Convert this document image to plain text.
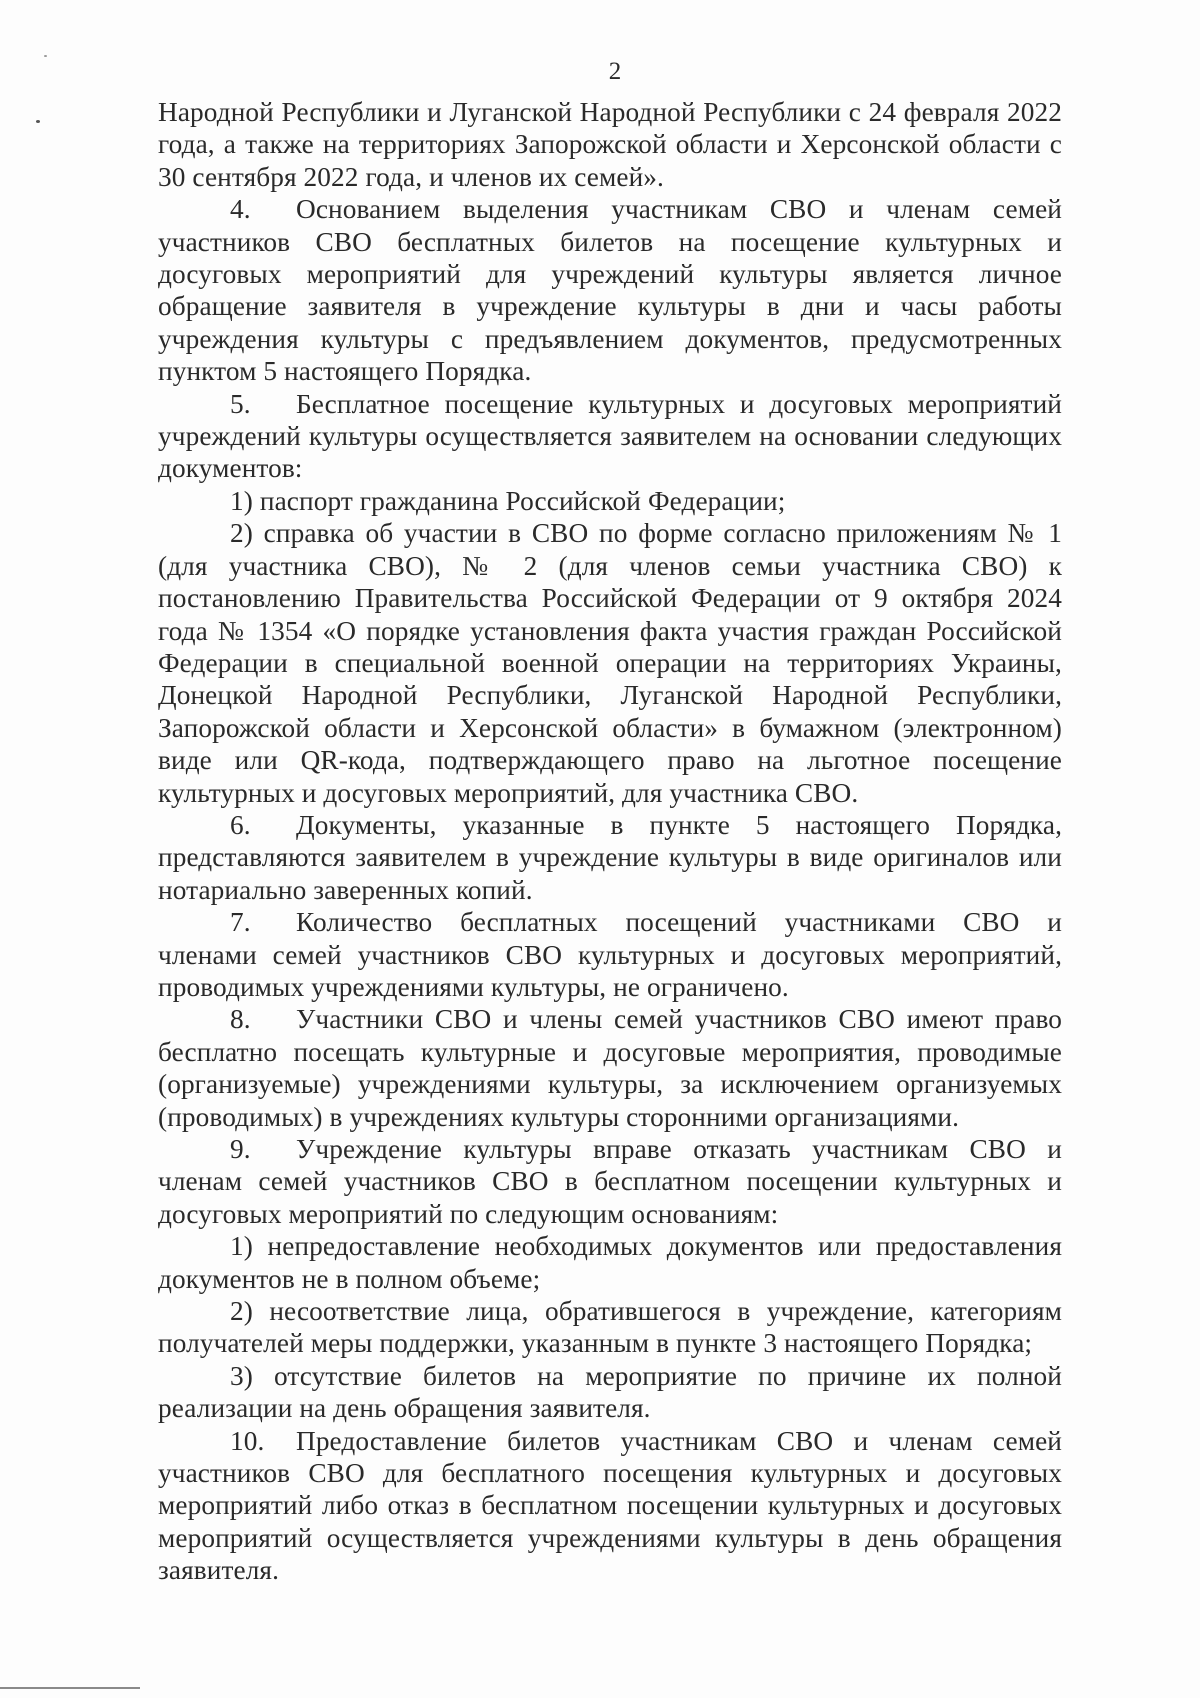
2

Народной Республики и Луганской Народной Республики с 24 февраля 2022 года, а также на территориях Запорожской области и Херсонской области с 30 сентября 2022 года, и членов их семей».

4. Основанием выделения участникам СВО и членам семей участников СВО бесплатных билетов на посещение культурных и досуговых мероприятий для учреждений культуры является личное обращение заявителя в учреждение культуры в дни и часы работы учреждения культуры с предъявлением документов, предусмотренных пунктом 5 настоящего Порядка.

5. Бесплатное посещение культурных и досуговых мероприятий учреждений культуры осуществляется заявителем на основании следующих документов:

1) паспорт гражданина Российской Федерации;

2) справка об участии в СВО по форме согласно приложениям № 1 (для участника СВО), № 2 (для членов семьи участника СВО) к постановлению Правительства Российской Федерации от 9 октября 2024 года № 1354 «О порядке установления факта участия граждан Российской Федерации в специальной военной операции на территориях Украины, Донецкой Народной Республики, Луганской Народной Республики, Запорожской области и Херсонской области» в бумажном (электронном) виде или QR-кода, подтверждающего право на льготное посещение культурных и досуговых мероприятий, для участника СВО.

6. Документы, указанные в пункте 5 настоящего Порядка, представляются заявителем в учреждение культуры в виде оригиналов или нотариально заверенных копий.

7. Количество бесплатных посещений участниками СВО и членами семей участников СВО культурных и досуговых мероприятий, проводимых учреждениями культуры, не ограничено.

8. Участники СВО и члены семей участников СВО имеют право бесплатно посещать культурные и досуговые мероприятия, проводимые (организуемые) учреждениями культуры, за исключением организуемых (проводимых) в учреждениях культуры сторонними организациями.

9. Учреждение культуры вправе отказать участникам СВО и членам семей участников СВО в бесплатном посещении культурных и досуговых мероприятий по следующим основаниям:

1) непредоставление необходимых документов или предоставления документов не в полном объеме;

2) несоответствие лица, обратившегося в учреждение, категориям получателей меры поддержки, указанным в пункте 3 настоящего Порядка;

3) отсутствие билетов на мероприятие по причине их полной реализации на день обращения заявителя.

10. Предоставление билетов участникам СВО и членам семей участников СВО для бесплатного посещения культурных и досуговых мероприятий либо отказ в бесплатном посещении культурных и досуговых мероприятий осуществляется учреждениями культуры в день обращения заявителя.
